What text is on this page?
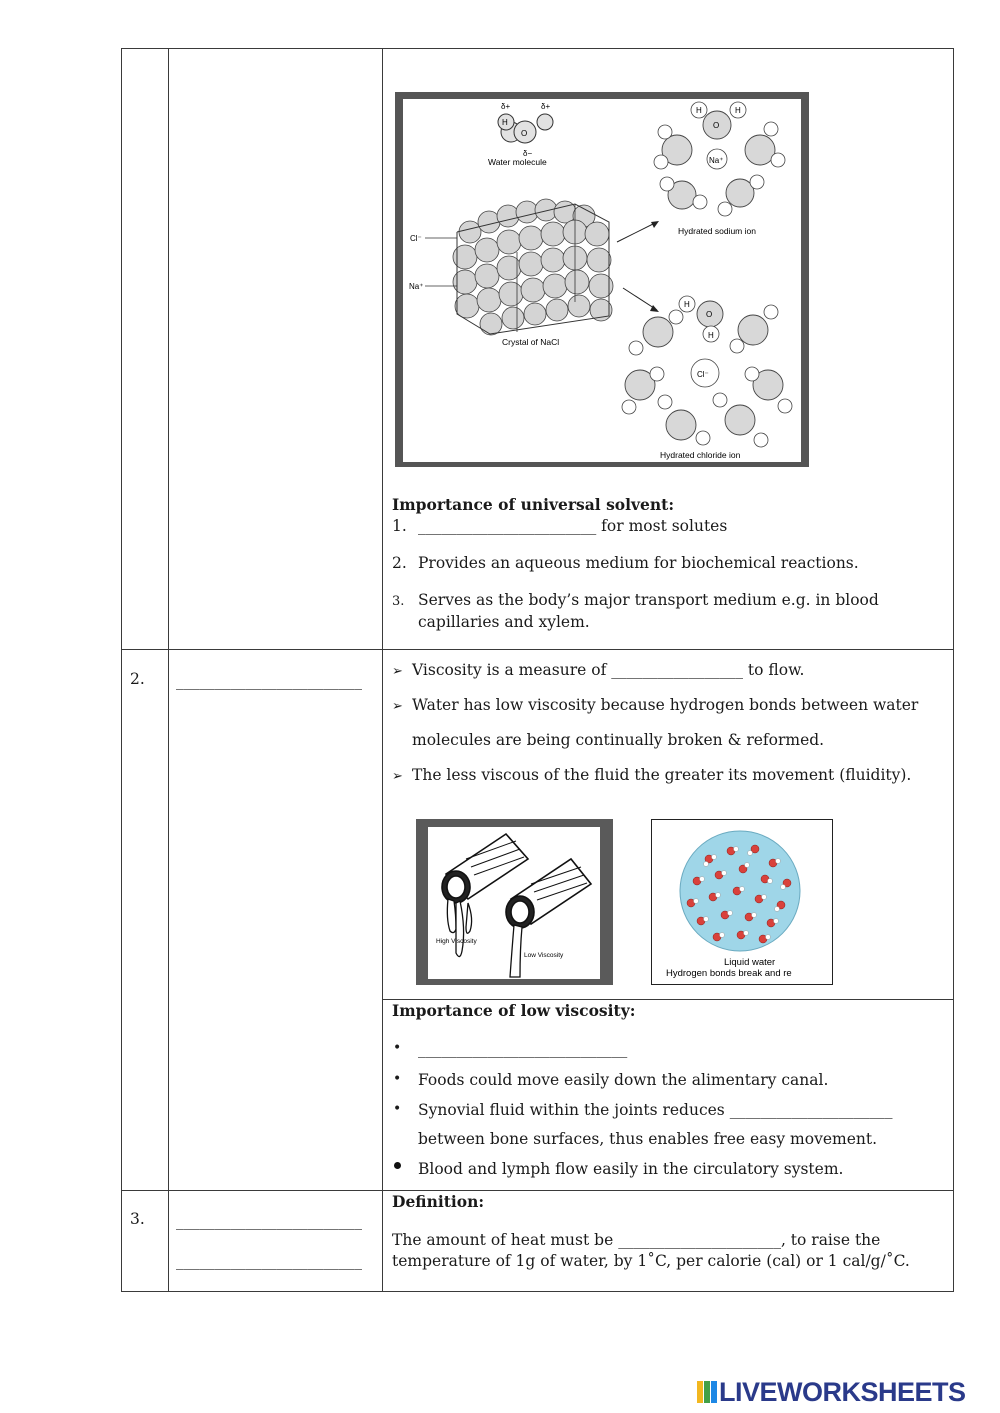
H
O
Water molecule
δ+	δ+
δ−
Cl⁻
Na⁺
Crystal of NaCl
Na⁺
H	H
O
Hydrated sodium ion
Cl⁻
H
O
H
Hydrated chloride ion
Importance of universal solvent:
1. _______________________ for most solutes
2. Provides an aqueous medium for biochemical reactions.
3. Serves as the body’s major transport medium e.g. in blood
capillaries and xylem.
2. ________________________
➢ Viscosity is a measure of _________________ to flow.
➢ Water has low viscosity because hydrogen bonds between water
molecules are being continually broken & reformed.
➢ The less viscous of the fluid the greater its movement (fluidity).
High Viscosity
Low Viscosity
Liquid water
Hydrogen bonds break and re
Importance of low viscosity:
• ___________________________
• Foods could move easily down the alimentary canal.
• Synovial fluid within the joints reduces _____________________
between bone surfaces, thus enables free easy movement.
Blood and lymph flow easily in the circulatory system.
3. ________________________
________________________
Definition:
The amount of heat must be _____________________, to raise the
temperature of 1g of water, by 1˚C, per calorie (cal) or 1 cal/g/˚C.
LIVEWORKSHEETS
